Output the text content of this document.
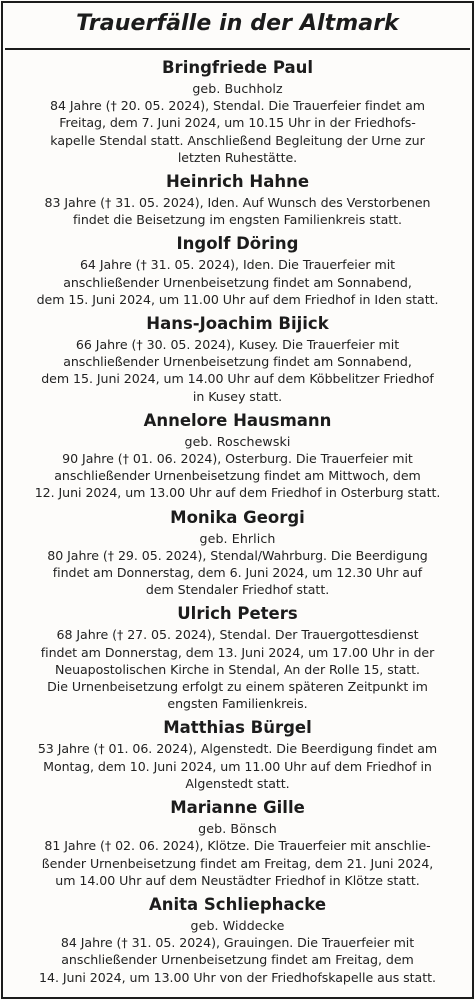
Trauerfälle in der Altmark
Bringfriede Paul
geb. Buchholz
84 Jahre († 20. 05. 2024), Stendal. Die Trauerfeier findet am
Freitag, dem 7. Juni 2024, um 10.15 Uhr in der Friedhofs-
kapelle Stendal statt. Anschließend Begleitung der Urne zur
letzten Ruhestätte.
Heinrich Hahne
83 Jahre († 31. 05. 2024), Iden. Auf Wunsch des Verstorbenen
findet die Beisetzung im engsten Familienkreis statt.
Ingolf Döring
64 Jahre († 31. 05. 2024), Iden. Die Trauerfeier mit
anschließender Urnenbeisetzung findet am Sonnabend,
dem 15. Juni 2024, um 11.00 Uhr auf dem Friedhof in Iden statt.
Hans-Joachim Bijick
66 Jahre († 30. 05. 2024), Kusey. Die Trauerfeier mit
anschließender Urnenbeisetzung findet am Sonnabend,
dem 15. Juni 2024, um 14.00 Uhr auf dem Köbbelitzer Friedhof
in Kusey statt.
Annelore Hausmann
geb. Roschewski
90 Jahre († 01. 06. 2024), Osterburg. Die Trauerfeier mit
anschließender Urnenbeisetzung findet am Mittwoch, dem
12. Juni 2024, um 13.00 Uhr auf dem Friedhof in Osterburg statt.
Monika Georgi
geb. Ehrlich
80 Jahre († 29. 05. 2024), Stendal/Wahrburg. Die Beerdigung
findet am Donnerstag, dem 6. Juni 2024, um 12.30 Uhr auf
dem Stendaler Friedhof statt.
Ulrich Peters
68 Jahre († 27. 05. 2024), Stendal. Der Trauergottesdienst
findet am Donnerstag, dem 13. Juni 2024, um 17.00 Uhr in der
Neuapostolischen Kirche in Stendal, An der Rolle 15, statt.
Die Urnenbeisetzung erfolgt zu einem späteren Zeitpunkt im
engsten Familienkreis.
Matthias Bürgel
53 Jahre († 01. 06. 2024), Algenstedt. Die Beerdigung findet am
Montag, dem 10. Juni 2024, um 11.00 Uhr auf dem Friedhof in
Algenstedt statt.
Marianne Gille
geb. Bönsch
81 Jahre († 02. 06. 2024), Klötze. Die Trauerfeier mit anschlie-
ßender Urnenbeisetzung findet am Freitag, dem 21. Juni 2024,
um 14.00 Uhr auf dem Neustädter Friedhof in Klötze statt.
Anita Schliephacke
geb. Widdecke
84 Jahre († 31. 05. 2024), Grauingen. Die Trauerfeier mit
anschließender Urnenbeisetzung findet am Freitag, dem
14. Juni 2024, um 13.00 Uhr von der Friedhofskapelle aus statt.
